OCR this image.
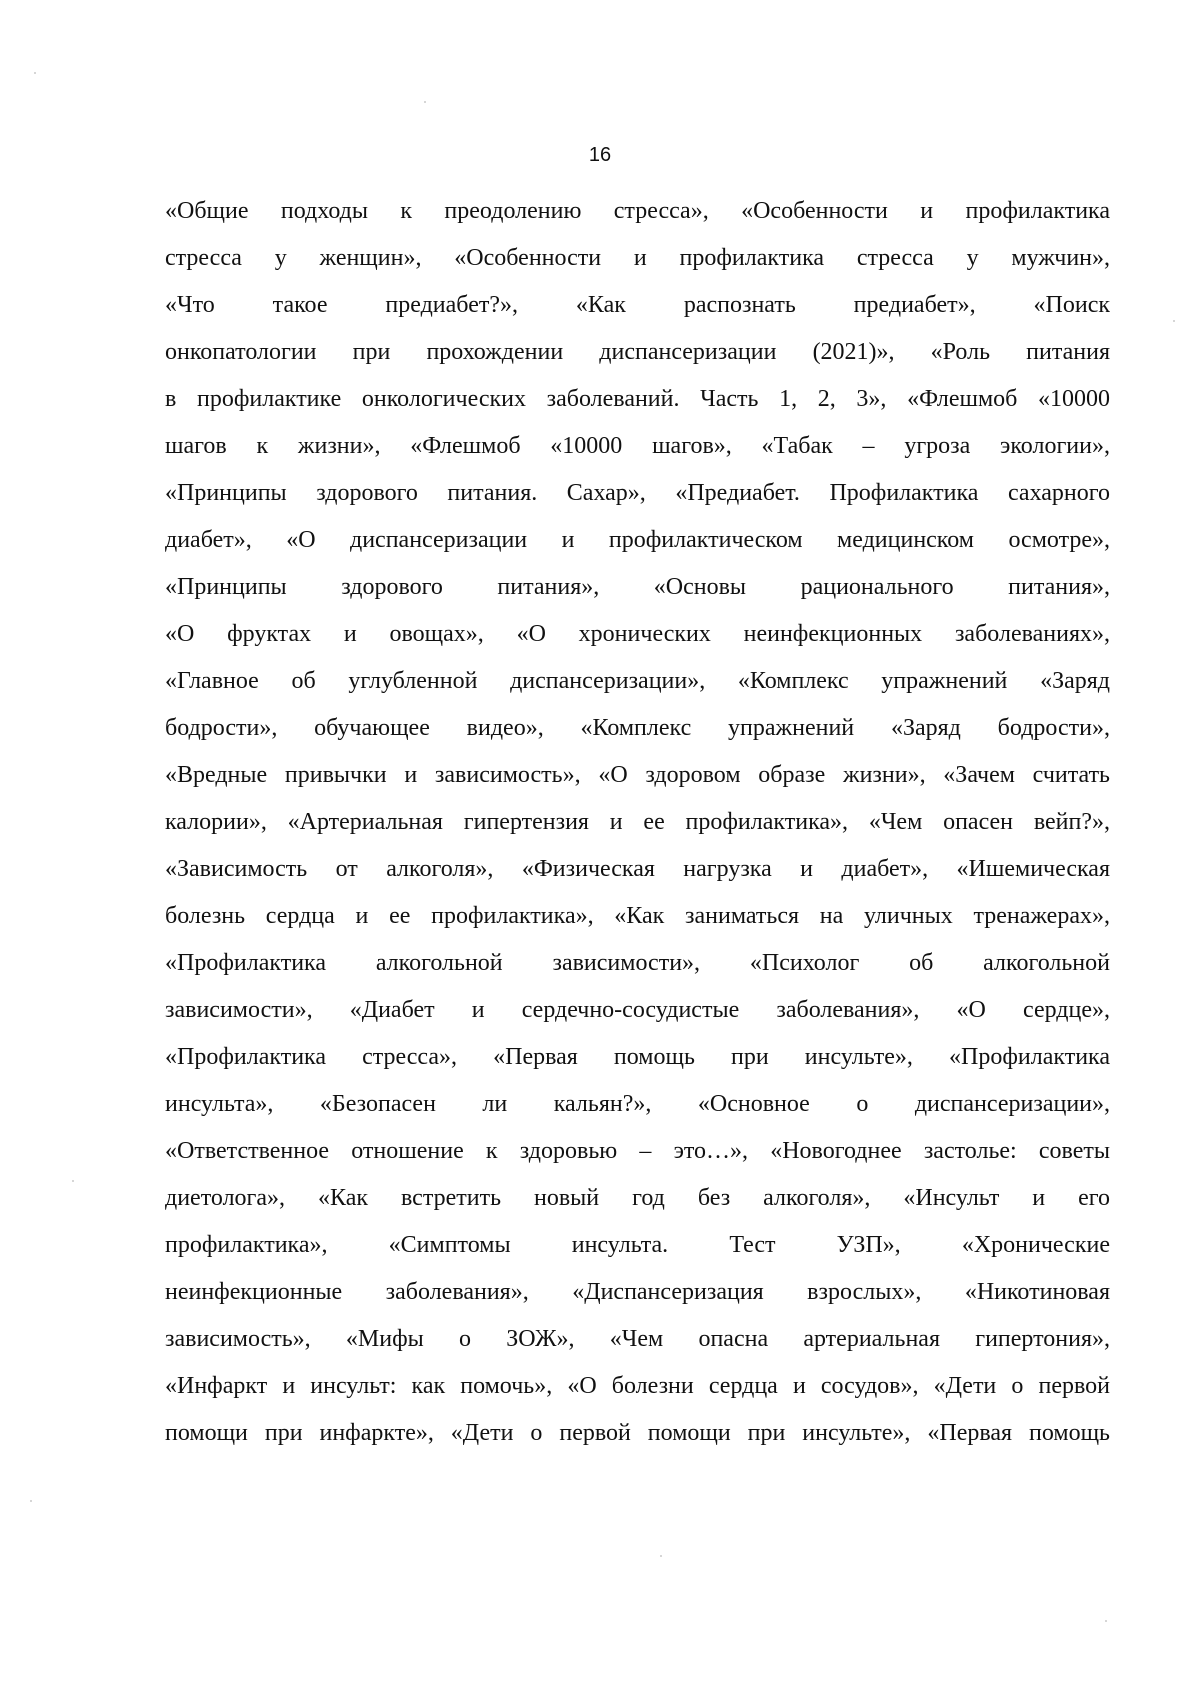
16
«Общие подходы к преодолению стресса», «Особенности и профилактика
стресса у женщин», «Особенности и профилактика стресса у мужчин»,
«Что такое предиабет?», «Как распознать предиабет», «Поиск
онкопатологии при прохождении диспансеризации (2021)», «Роль питания
в профилактике онкологических заболеваний. Часть 1, 2, 3», «Флешмоб «10000
шагов к жизни», «Флешмоб «10000 шагов», «Табак – угроза экологии»,
«Принципы здорового питания. Сахар», «Предиабет. Профилактика сахарного
диабет», «О диспансеризации и профилактическом медицинском осмотре»,
«Принципы здорового питания», «Основы рационального питания»,
«О фруктах и овощах», «О хронических неинфекционных заболеваниях»,
«Главное об углубленной диспансеризации», «Комплекс упражнений «Заряд
бодрости», обучающее видео», «Комплекс упражнений «Заряд бодрости»,
«Вредные привычки и зависимость», «О здоровом образе жизни», «Зачем считать
калории», «Артериальная гипертензия и ее профилактика», «Чем опасен вейп?»,
«Зависимость от алкоголя», «Физическая нагрузка и диабет», «Ишемическая
болезнь сердца и ее профилактика», «Как заниматься на уличных тренажерах»,
«Профилактика алкогольной зависимости», «Психолог об алкогольной
зависимости», «Диабет и сердечно-сосудистые заболевания», «О сердце»,
«Профилактика стресса», «Первая помощь при инсульте», «Профилактика
инсульта», «Безопасен ли кальян?», «Основное о диспансеризации»,
«Ответственное отношение к здоровью – это…», «Новогоднее застолье: советы
диетолога», «Как встретить новый год без алкоголя», «Инсульт и его
профилактика», «Симптомы инсульта. Тест УЗП», «Хронические
неинфекционные заболевания», «Диспансеризация взрослых», «Никотиновая
зависимость», «Мифы о ЗОЖ», «Чем опасна артериальная гипертония»,
«Инфаркт и инсульт: как помочь», «О болезни сердца и сосудов», «Дети о первой
помощи при инфаркте», «Дети о первой помощи при инсульте», «Первая помощь
